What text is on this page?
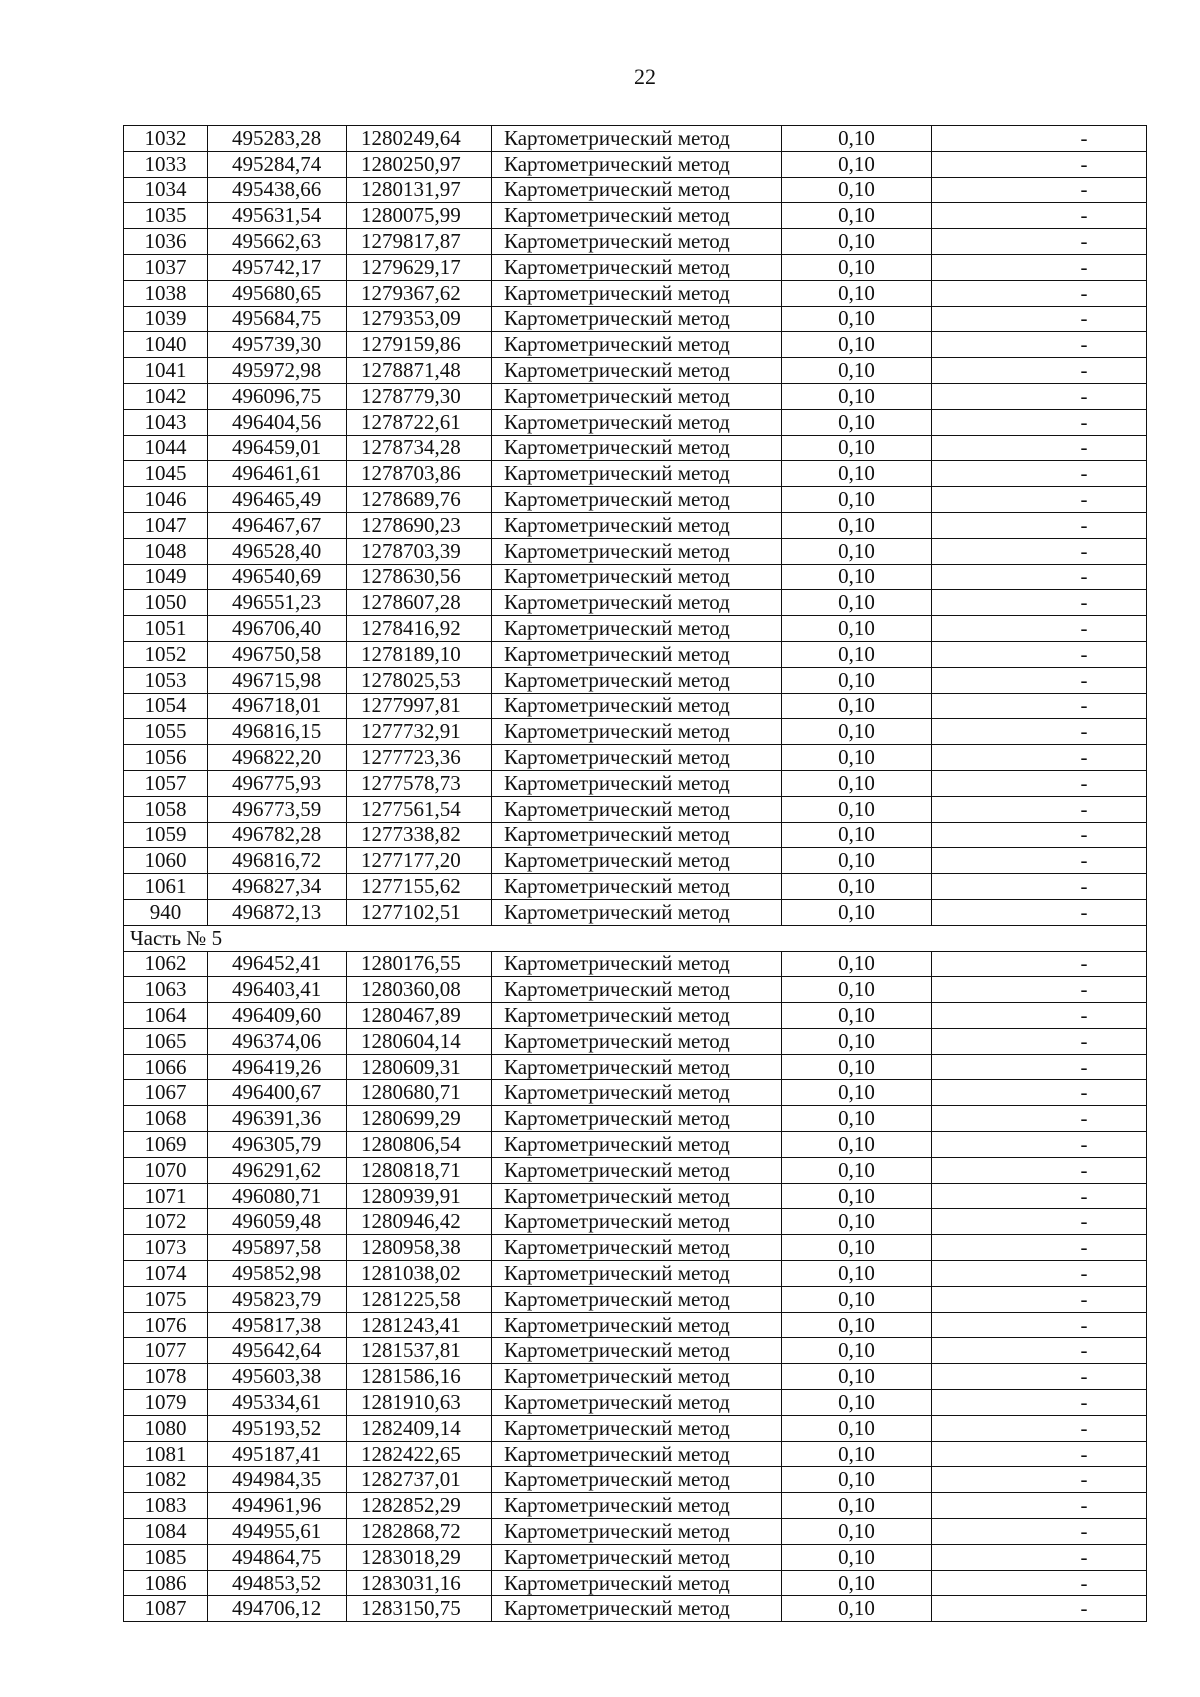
22
1032	495283,28	1280249,64	Картометрический метод	0,10	-
1033	495284,74	1280250,97	Картометрический метод	0,10	-
1034	495438,66	1280131,97	Картометрический метод	0,10	-
1035	495631,54	1280075,99	Картометрический метод	0,10	-
1036	495662,63	1279817,87	Картометрический метод	0,10	-
1037	495742,17	1279629,17	Картометрический метод	0,10	-
1038	495680,65	1279367,62	Картометрический метод	0,10	-
1039	495684,75	1279353,09	Картометрический метод	0,10	-
1040	495739,30	1279159,86	Картометрический метод	0,10	-
1041	495972,98	1278871,48	Картометрический метод	0,10	-
1042	496096,75	1278779,30	Картометрический метод	0,10	-
1043	496404,56	1278722,61	Картометрический метод	0,10	-
1044	496459,01	1278734,28	Картометрический метод	0,10	-
1045	496461,61	1278703,86	Картометрический метод	0,10	-
1046	496465,49	1278689,76	Картометрический метод	0,10	-
1047	496467,67	1278690,23	Картометрический метод	0,10	-
1048	496528,40	1278703,39	Картометрический метод	0,10	-
1049	496540,69	1278630,56	Картометрический метод	0,10	-
1050	496551,23	1278607,28	Картометрический метод	0,10	-
1051	496706,40	1278416,92	Картометрический метод	0,10	-
1052	496750,58	1278189,10	Картометрический метод	0,10	-
1053	496715,98	1278025,53	Картометрический метод	0,10	-
1054	496718,01	1277997,81	Картометрический метод	0,10	-
1055	496816,15	1277732,91	Картометрический метод	0,10	-
1056	496822,20	1277723,36	Картометрический метод	0,10	-
1057	496775,93	1277578,73	Картометрический метод	0,10	-
1058	496773,59	1277561,54	Картометрический метод	0,10	-
1059	496782,28	1277338,82	Картометрический метод	0,10	-
1060	496816,72	1277177,20	Картометрический метод	0,10	-
1061	496827,34	1277155,62	Картометрический метод	0,10	-
940	496872,13	1277102,51	Картометрический метод	0,10	-
Часть № 5					
1062	496452,41	1280176,55	Картометрический метод	0,10	-
1063	496403,41	1280360,08	Картометрический метод	0,10	-
1064	496409,60	1280467,89	Картометрический метод	0,10	-
1065	496374,06	1280604,14	Картометрический метод	0,10	-
1066	496419,26	1280609,31	Картометрический метод	0,10	-
1067	496400,67	1280680,71	Картометрический метод	0,10	-
1068	496391,36	1280699,29	Картометрический метод	0,10	-
1069	496305,79	1280806,54	Картометрический метод	0,10	-
1070	496291,62	1280818,71	Картометрический метод	0,10	-
1071	496080,71	1280939,91	Картометрический метод	0,10	-
1072	496059,48	1280946,42	Картометрический метод	0,10	-
1073	495897,58	1280958,38	Картометрический метод	0,10	-
1074	495852,98	1281038,02	Картометрический метод	0,10	-
1075	495823,79	1281225,58	Картометрический метод	0,10	-
1076	495817,38	1281243,41	Картометрический метод	0,10	-
1077	495642,64	1281537,81	Картометрический метод	0,10	-
1078	495603,38	1281586,16	Картометрический метод	0,10	-
1079	495334,61	1281910,63	Картометрический метод	0,10	-
1080	495193,52	1282409,14	Картометрический метод	0,10	-
1081	495187,41	1282422,65	Картометрический метод	0,10	-
1082	494984,35	1282737,01	Картометрический метод	0,10	-
1083	494961,96	1282852,29	Картометрический метод	0,10	-
1084	494955,61	1282868,72	Картометрический метод	0,10	-
1085	494864,75	1283018,29	Картометрический метод	0,10	-
1086	494853,52	1283031,16	Картометрический метод	0,10	-
1087	494706,12	1283150,75	Картометрический метод	0,10	-
